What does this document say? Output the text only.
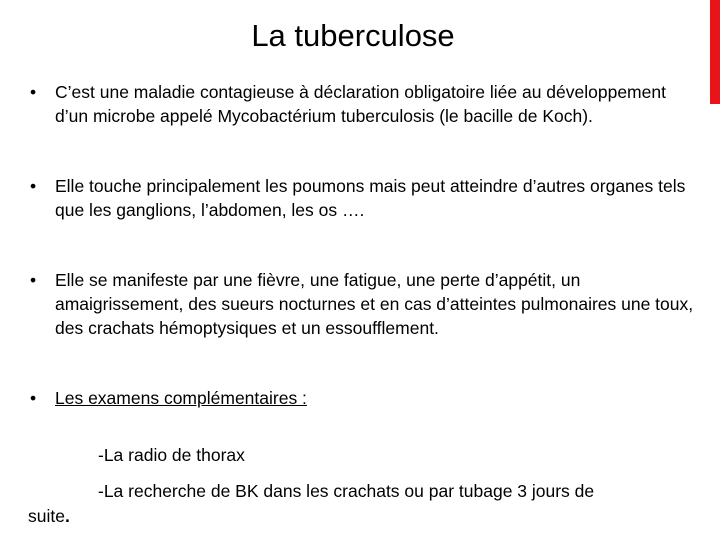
La tuberculose
• C’est une maladie contagieuse à déclaration obligatoire liée au développement d’un microbe appelé Mycobactérium tuberculosis (le bacille de Koch).
• Elle touche principalement les poumons mais peut atteindre d’autres organes tels que les ganglions, l’abdomen, les os ….
• Elle se manifeste par une fièvre, une fatigue, une perte d’appétit, un amaigrissement, des sueurs nocturnes et en cas d’atteintes pulmonaires une toux, des crachats hémoptysiques et un essoufflement.
• Les examens complémentaires :
-La radio de thorax
-La recherche de BK dans les crachats ou par tubage 3 jours de
suite.
